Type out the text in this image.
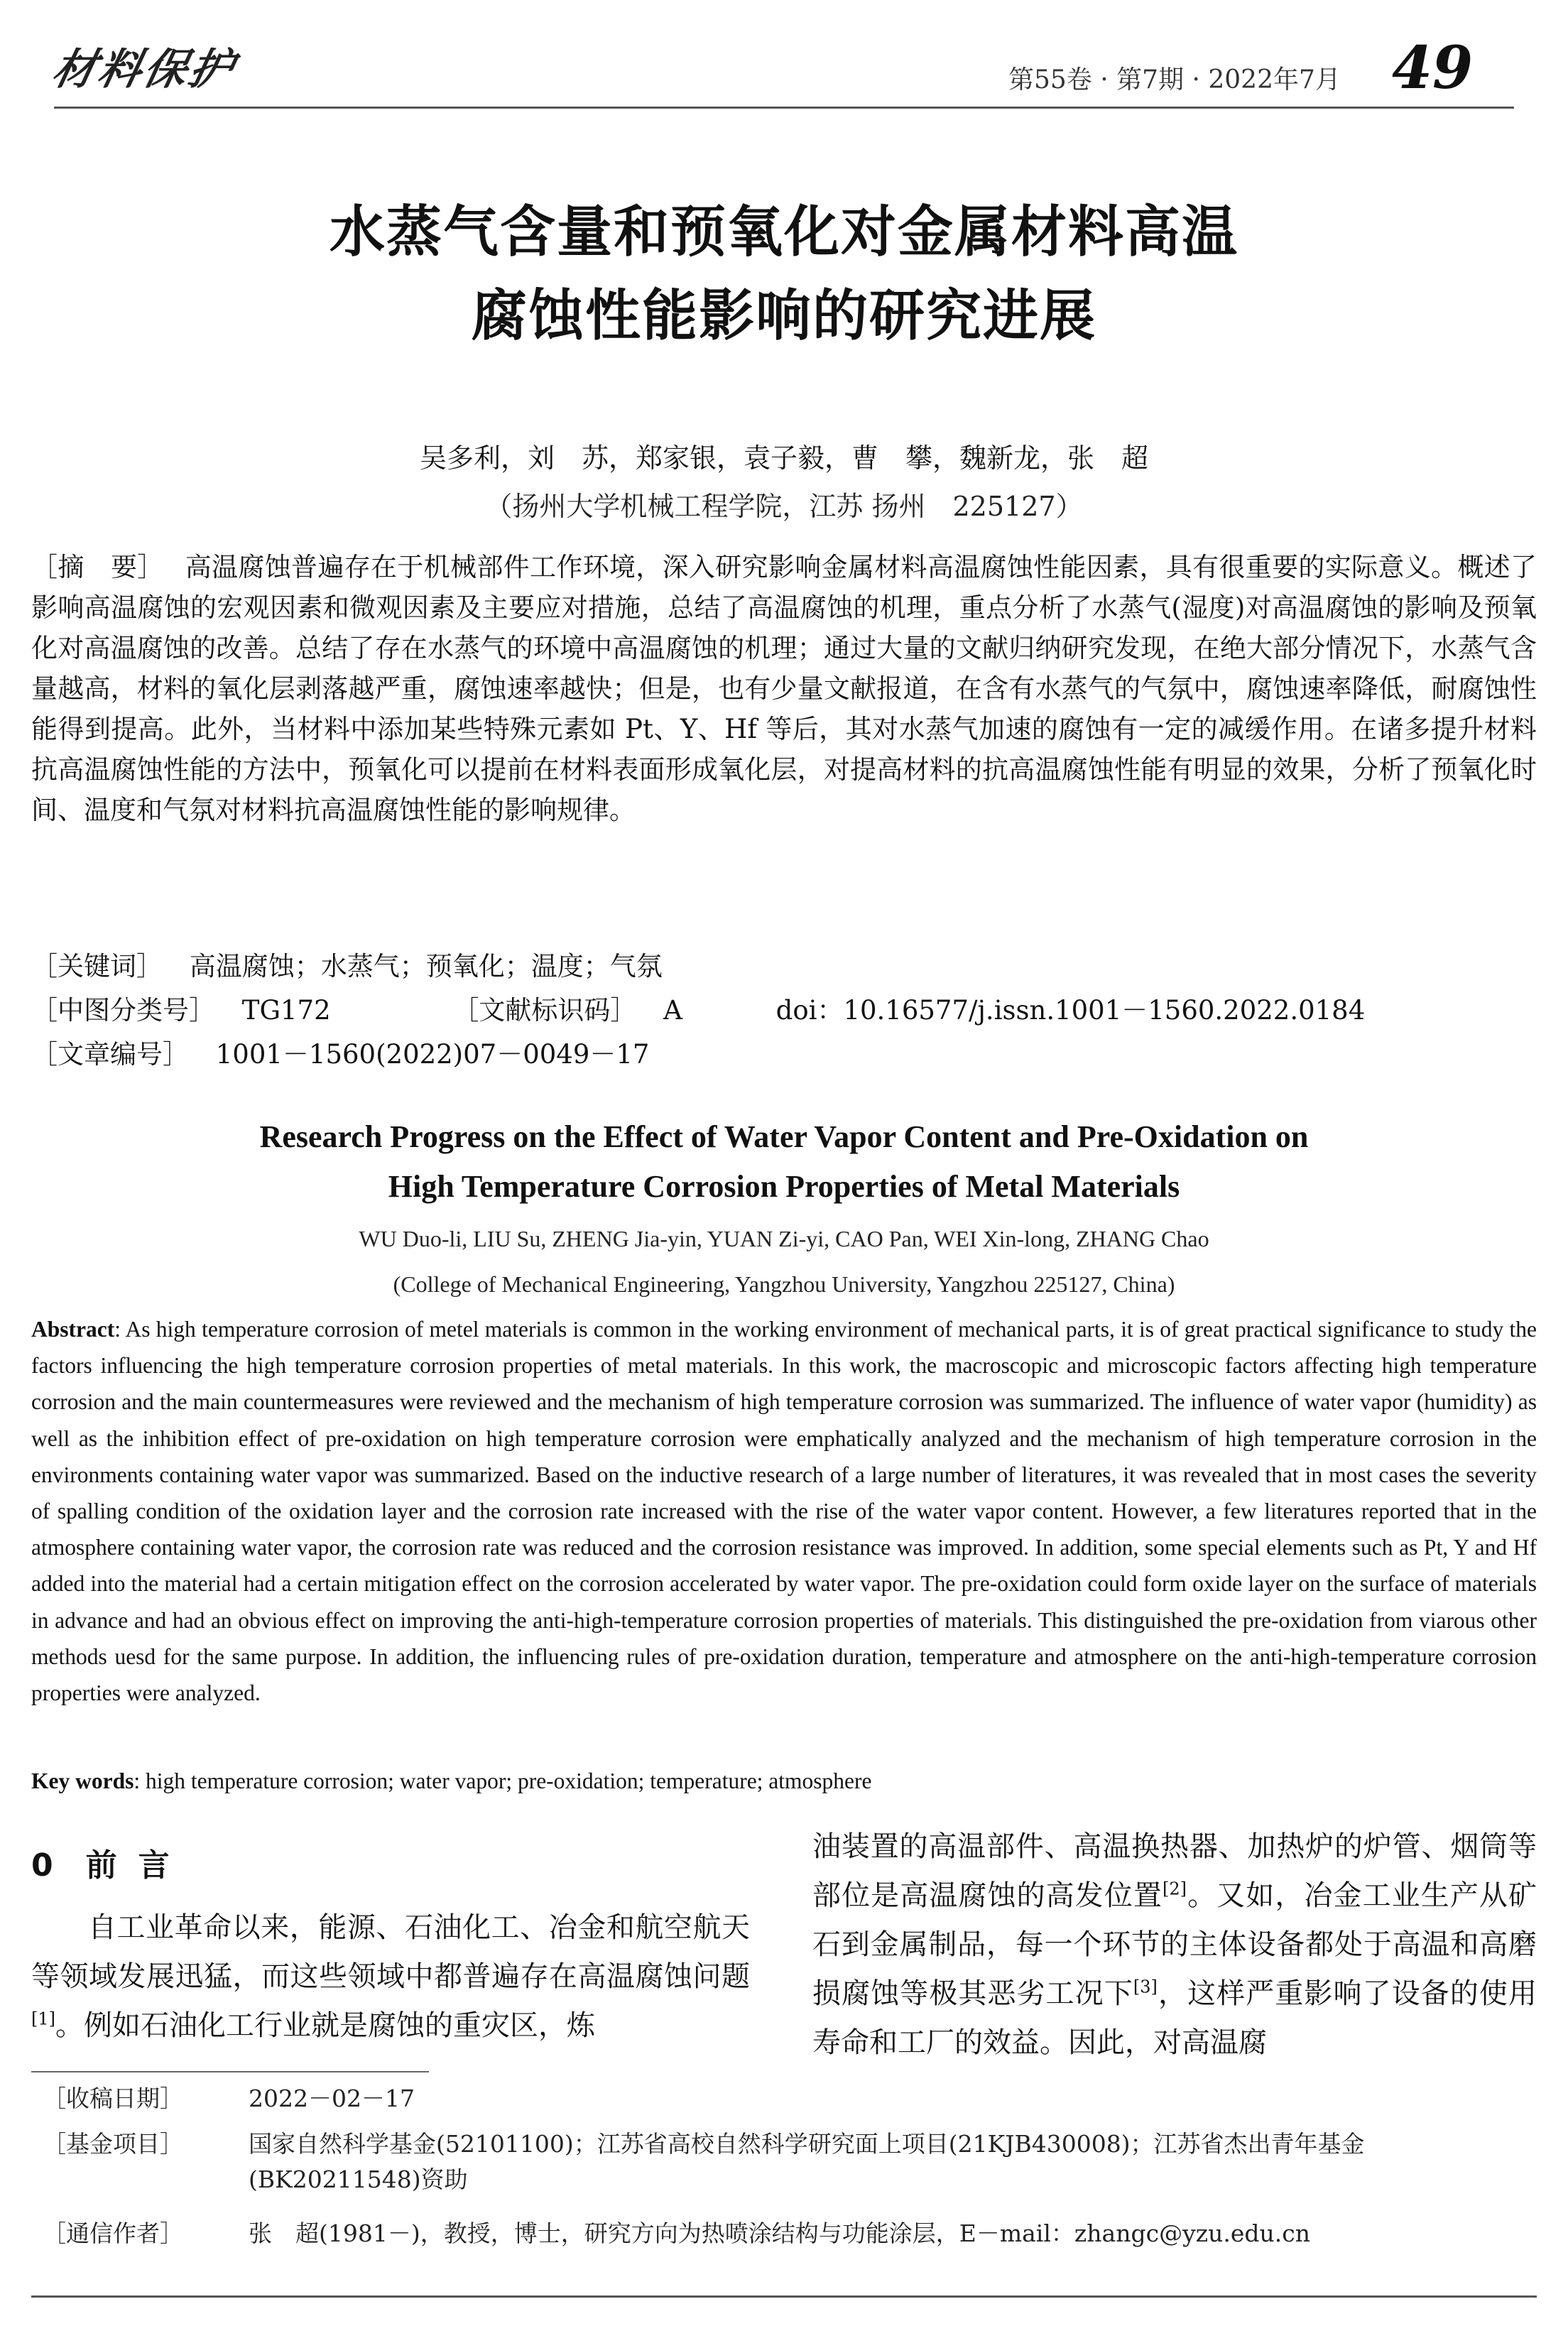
材料保护	第55卷 · 第7期 · 2022年7月 49
水蒸气含量和预氧化对金属材料高温
腐蚀性能影响的研究进展
吴多利，刘　苏，郑家银，袁子毅，曹　攀，魏新龙，张　超
（扬州大学机械工程学院，江苏 扬州　225127）
［摘　要］ 高温腐蚀普遍存在于机械部件工作环境，深入研究影响金属材料高温腐蚀性能因素，具有很重要的实际意义。概述了影响高温腐蚀的宏观因素和微观因素及主要应对措施，总结了高温腐蚀的机理，重点分析了水蒸气(湿度)对高温腐蚀的影响及预氧化对高温腐蚀的改善。总结了存在水蒸气的环境中高温腐蚀的机理；通过大量的文献归纳研究发现，在绝大部分情况下，水蒸气含量越高，材料的氧化层剥落越严重，腐蚀速率越快；但是，也有少量文献报道，在含有水蒸气的气氛中，腐蚀速率降低，耐腐蚀性能得到提高。此外，当材料中添加某些特殊元素如 Pt、Y、Hf 等后，其对水蒸气加速的腐蚀有一定的减缓作用。在诸多提升材料抗高温腐蚀性能的方法中，预氧化可以提前在材料表面形成氧化层，对提高材料的抗高温腐蚀性能有明显的效果，分析了预氧化时间、温度和气氛对材料抗高温腐蚀性能的影响规律。
［关键词］ 高温腐蚀；水蒸气；预氧化；温度；气氛
［中图分类号］ TG172	［文献标识码］ A	doi：10.16577/j.issn.1001－1560.2022.0184
［文章编号］ 1001－1560(2022)07－0049－17
Research Progress on the Effect of Water Vapor Content and Pre-Oxidation on
High Temperature Corrosion Properties of Metal Materials
WU Duo-li, LIU Su, ZHENG Jia-yin, YUAN Zi-yi, CAO Pan, WEI Xin-long, ZHANG Chao
(College of Mechanical Engineering, Yangzhou University, Yangzhou 225127, China)
Abstract: As high temperature corrosion of metel materials is common in the working environment of mechanical parts, it is of great practical significance to study the factors influencing the high temperature corrosion properties of metal materials. In this work, the macroscopic and microscopic factors affecting high temperature corrosion and the main countermeasures were reviewed and the mechanism of high temperature corrosion was summarized. The influence of water vapor (humidity) as well as the inhibition effect of pre-oxidation on high temperature corrosion were emphatically analyzed and the mechanism of high temperature corrosion in the environments containing water vapor was summarized. Based on the inductive research of a large number of literatures, it was revealed that in most cases the severity of spalling condition of the oxidation layer and the corrosion rate increased with the rise of the water vapor content. However, a few literatures reported that in the atmosphere containing water vapor, the corrosion rate was reduced and the corrosion resistance was improved. In addition, some special elements such as Pt, Y and Hf added into the material had a certain mitigation effect on the corrosion accelerated by water vapor. The pre-oxidation could form oxide layer on the surface of materials in advance and had an obvious effect on improving the anti-high-temperature corrosion properties of materials. This distinguished the pre-oxidation from viarous other methods uesd for the same purpose. In addition, the influencing rules of pre-oxidation duration, temperature and atmosphere on the anti-high-temperature corrosion properties were analyzed.
Key words: high temperature corrosion; water vapor; pre-oxidation; temperature; atmosphere
0 前言

自工业革命以来，能源、石油化工、冶金和航空航天等领域发展迅猛，而这些领域中都普遍存在高温腐蚀问题[1]。例如石油化工行业就是腐蚀的重灾区，炼

油装置的高温部件、高温换热器、加热炉的炉管、烟筒等部位是高温腐蚀的高发位置[2]。又如，冶金工业生产从矿石到金属制品，每一个环节的主体设备都处于高温和高磨损腐蚀等极其恶劣工况下[3]，这样严重影响了设备的使用寿命和工厂的效益。因此，对高温腐
［收稿日期］	2022－02－17
［基金项目］	国家自然科学基金(52101100)；江苏省高校自然科学研究面上项目(21KJB430008)；江苏省杰出青年基金(BK20211548)资助
［通信作者］	张　超(1981－)，教授，博士，研究方向为热喷涂结构与功能涂层，E－mail：zhangc@yzu.edu.cn
